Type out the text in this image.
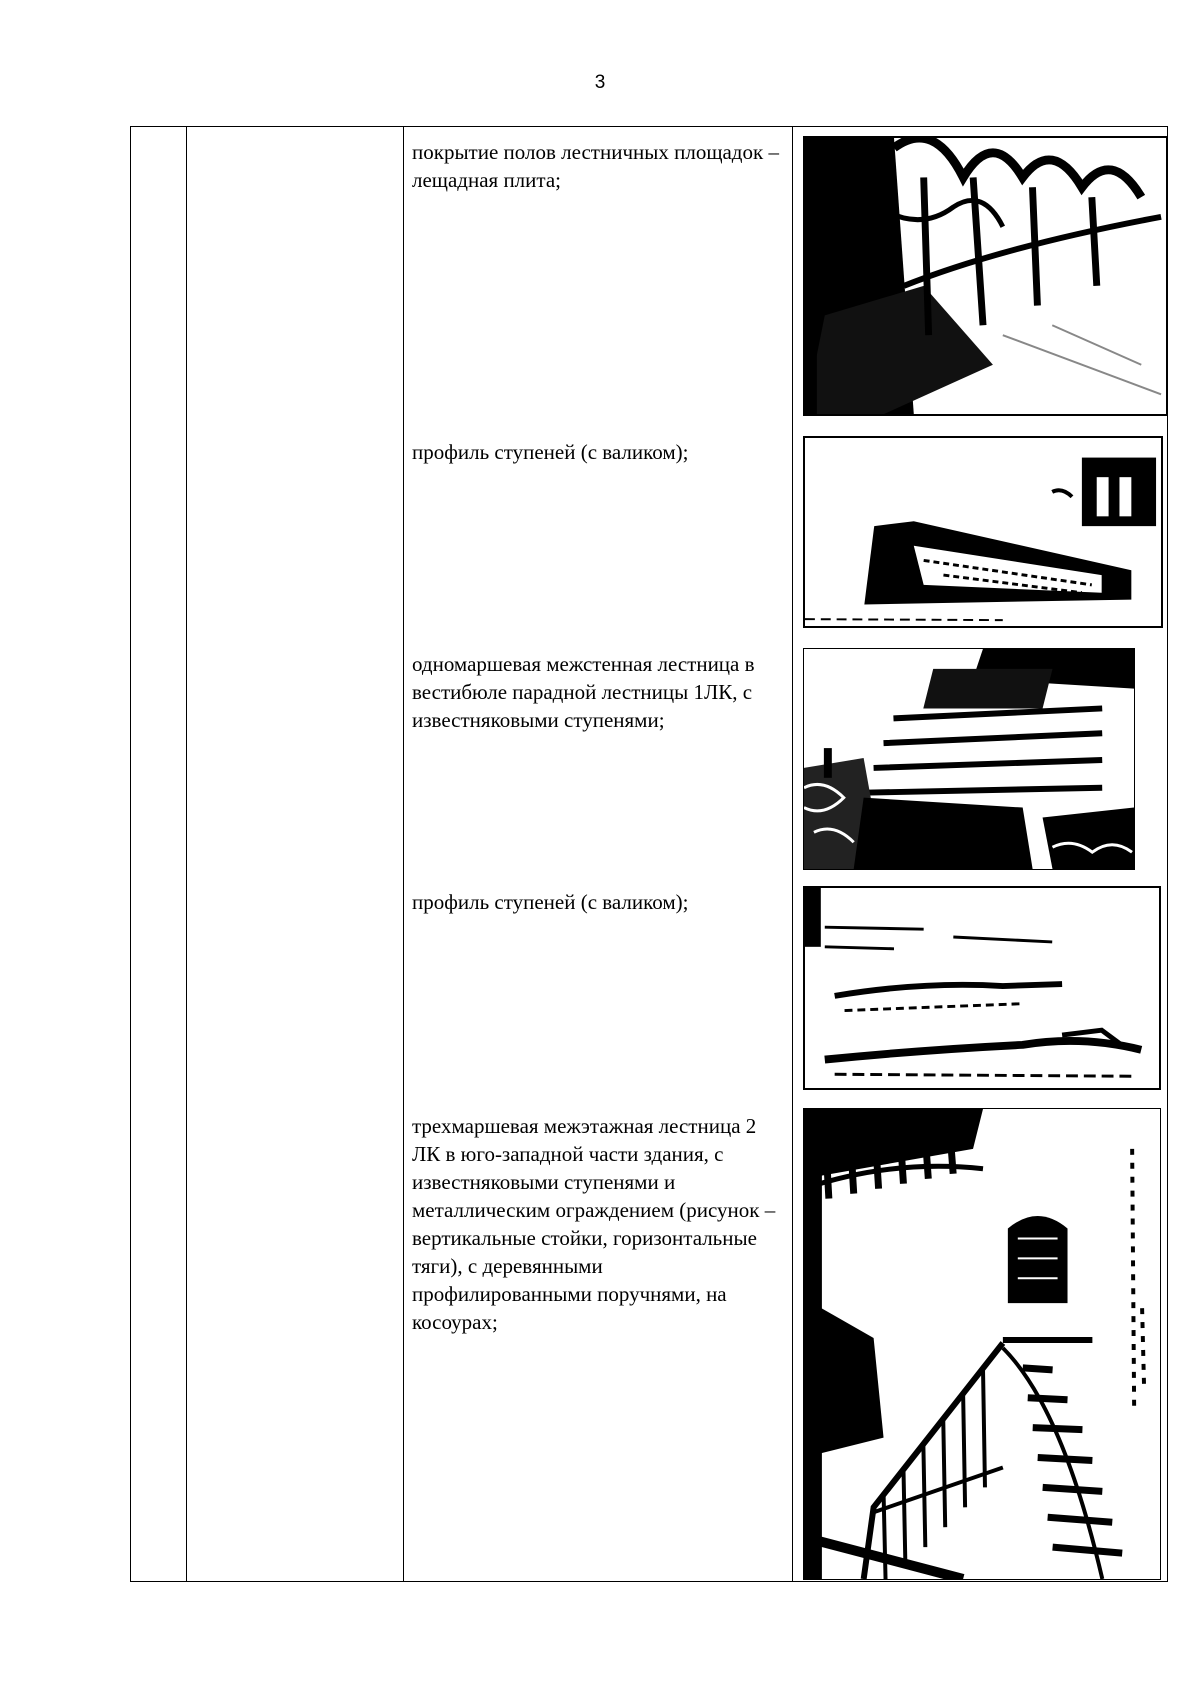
3
покрытие полов лестничных площадок – лещадная плита;
профиль ступеней (с валиком);
одномаршевая межстенная лестница в вестибюле парадной лестницы 1ЛК, с известняковыми ступенями;
профиль ступеней (с валиком);
трехмаршевая межэтажная лестница 2 ЛК в юго-западной части здания, с известняковыми ступенями и металлическим ограждением (рисунок – вертикальные стойки, горизонтальные тяги), с деревянными профилированными поручнями, на косоурах;
